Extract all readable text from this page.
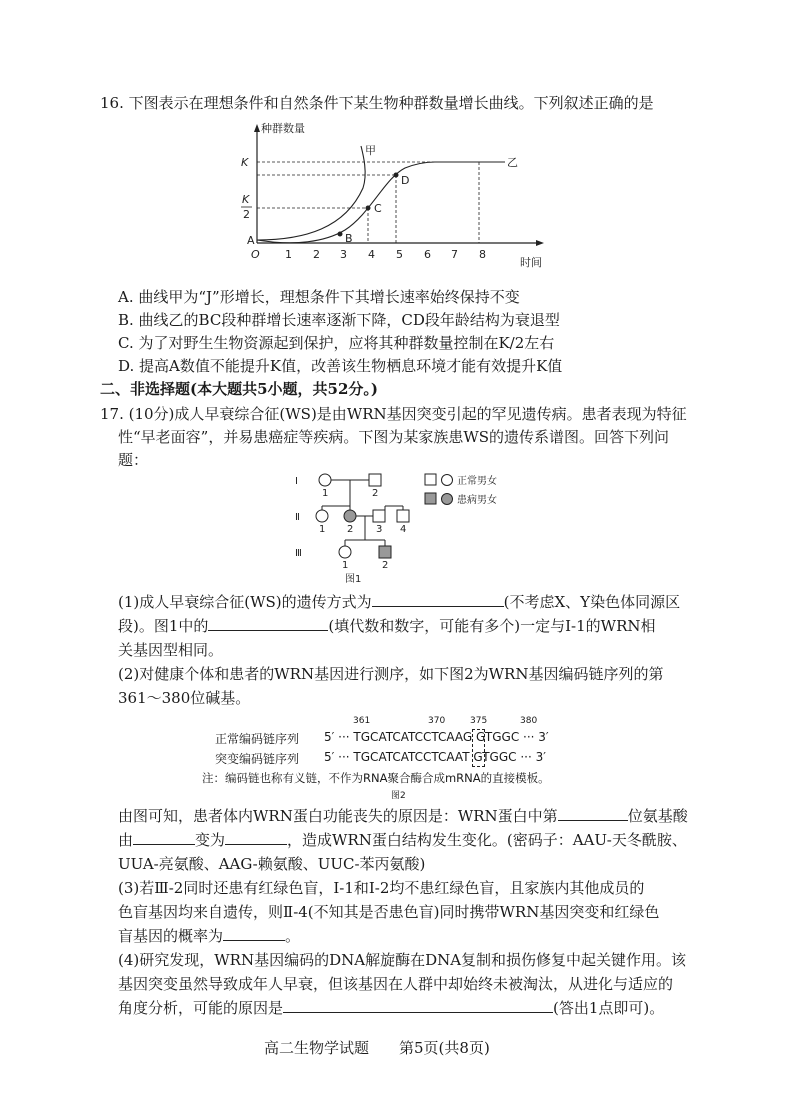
16. 下图表示在理想条件和自然条件下某生物种群数量增长曲线。下列叙述正确的是
种群数量
时间
O 1 2 3 4 5 6 7 8
K
K
2
甲
乙
A	B
C
D
A. 曲线甲为“J”形增长，理想条件下其增长速率始终保持不变
B. 曲线乙的BC段种群增长速率逐渐下降，CD段年龄结构为衰退型
C. 为了对野生生物资源起到保护，应将其种群数量控制在K/2左右
D. 提高A数值不能提升K值，改善该生物栖息环境才能有效提升K值
二、非选择题(本大题共5小题，共52分。)
17. (10分)成人早衰综合征(WS)是由WRN基因突变引起的罕见遗传病。患者表现为特征
性“早老面容”，并易患癌症等疾病。下图为某家族患WS的遗传系谱图。回答下列问
题：
Ⅰ
Ⅱ
Ⅲ
1	2
1 2 3 4
1	2
图1
正常男女
患病男女
(1)成人早衰综合征(WS)的遗传方式为	(不考虑X、Y染色体同源区
段)。图1中的	(填代数和数字，可能有多个)一定与Ⅰ-1的WRN相
关基因型相同。
(2)对健康个体和患者的WRN基因进行测序，如下图2为WRN基因编码链序列的第
361～380位碱基。
361	370	375	380
正常编码链序列 5′ ··· TGCATCATCCTCAAG GTGGC ··· 3′
突变编码链序列 5′ ··· TGCATCATCCTCAAT GTGGC ··· 3′
注：编码链也称有义链，不作为RNA聚合酶合成mRNA的直接模板。
图2
由图可知，患者体内WRN蛋白功能丧失的原因是：WRN蛋白中第	位氨基酸
由	变为	，造成WRN蛋白结构发生变化。(密码子：AAU-天冬酰胺、
UUA-亮氨酸、AAG-赖氨酸、UUC-苯丙氨酸)
(3)若Ⅲ-2同时还患有红绿色盲，Ⅰ-1和Ⅰ-2均不患红绿色盲，且家族内其他成员的
色盲基因均来自遗传，则Ⅱ-4(不知其是否患色盲)同时携带WRN基因突变和红绿色
盲基因的概率为	。
(4)研究发现，WRN基因编码的DNA解旋酶在DNA复制和损伤修复中起关键作用。该
基因突变虽然导致成年人早衰，但该基因在人群中却始终未被淘汰，从进化与适应的
角度分析，可能的原因是	(答出1点即可)。
高二生物学试题　　第5页(共8页)
